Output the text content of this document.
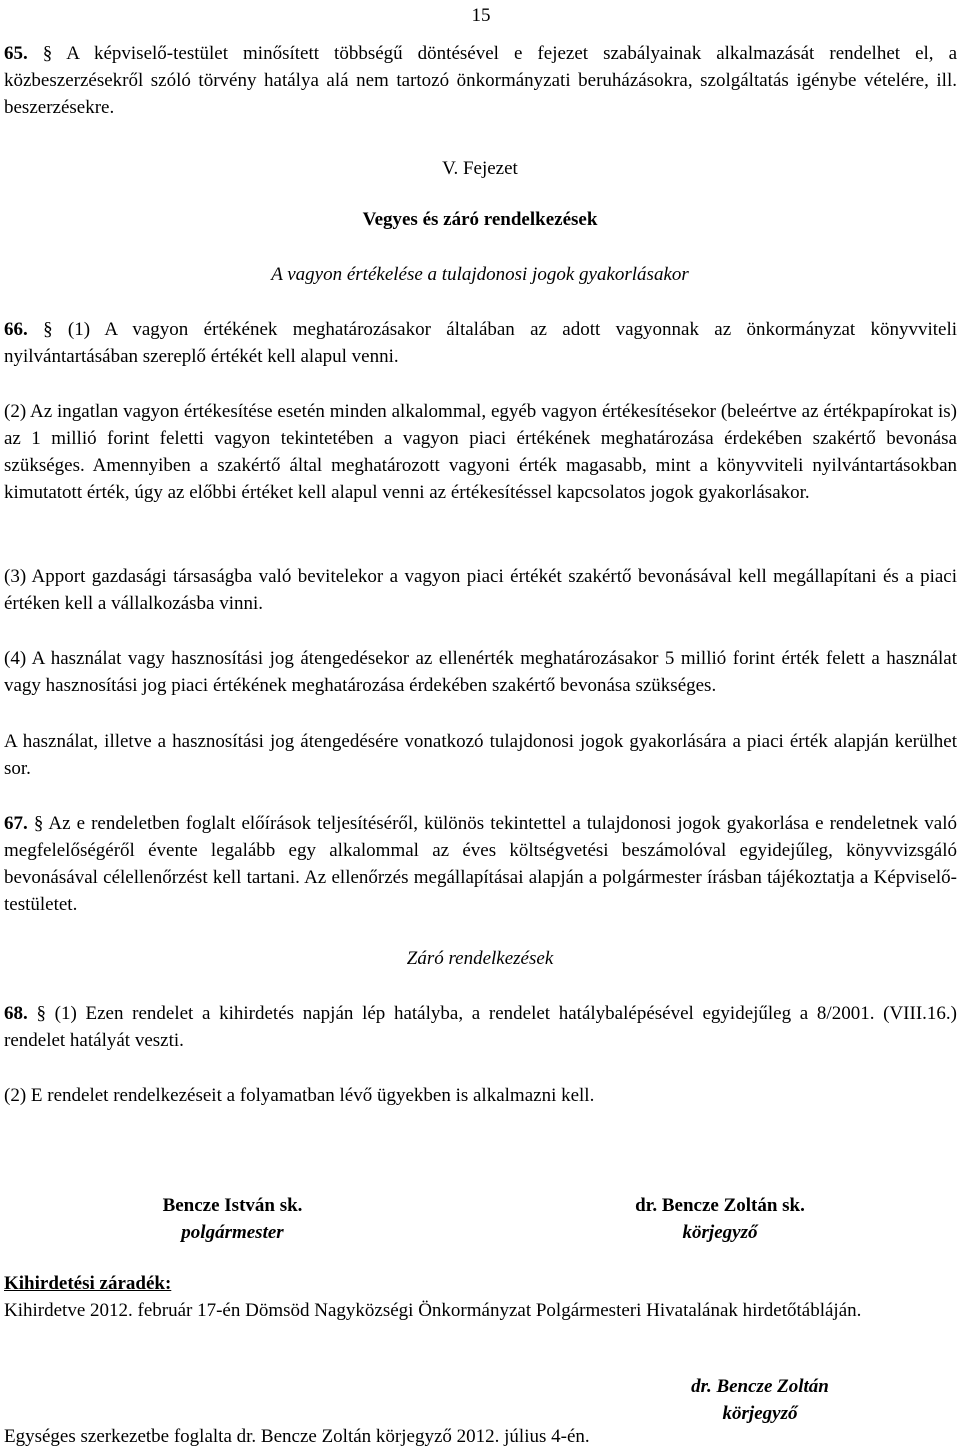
15

65. § A képviselő-testület minősített többségű döntésével e fejezet szabályainak alkalmazását rendelhet el, a közbeszerzésekről szóló törvény hatálya alá nem tartozó önkormányzati beruházásokra, szolgáltatás igénybe vételére, ill. beszerzésekre.

V. Fejezet
Vegyes és záró rendelkezések
A vagyon értékelése a tulajdonosi jogok gyakorlásakor

66. § (1) A vagyon értékének meghatározásakor általában az adott vagyonnak az önkormányzat könyvviteli nyilvántartásában szereplő értékét kell alapul venni.

(2) Az ingatlan vagyon értékesítése esetén minden alkalommal, egyéb vagyon értékesítésekor (beleértve az értékpapírokat is) az 1 millió forint feletti vagyon tekintetében a vagyon piaci értékének meghatározása érdekében szakértő bevonása szükséges. Amennyiben a szakértő által meghatározott vagyoni érték magasabb, mint a könyvviteli nyilvántartásokban kimutatott érték, úgy az előbbi értéket kell alapul venni az értékesítéssel kapcsolatos jogok gyakorlásakor.
(3) Apport gazdasági társaságba való bevitelekor a vagyon piaci értékét szakértő bevonásával kell megállapítani és a piaci értéken kell a vállalkozásba vinni.
(4) A használat vagy hasznosítási jog átengedésekor az ellenérték meghatározásakor 5 millió forint érték felett a használat vagy hasznosítási jog piaci értékének meghatározása érdekében szakértő bevonása szükséges.
A használat, illetve a hasznosítási jog átengedésére vonatkozó tulajdonosi jogok gyakorlására a piaci érték alapján kerülhet sor.

67. § Az e rendeletben foglalt előírások teljesítéséről, különös tekintettel a tulajdonosi jogok gyakorlása e rendeletnek való megfelelőségéről évente legalább egy alkalommal az éves költségvetési beszámolóval egyidejűleg, könyvvizsgáló bevonásával célellenőrzést kell tartani. Az ellenőrzés megállapításai alapján a polgármester írásban tájékoztatja a Képviselő-testületet.

Záró rendelkezések

68. § (1) Ezen rendelet a kihirdetés napján lép hatályba, a rendelet hatálybalépésével egyidejűleg a 8/2001. (VIII.16.) rendelet hatályát veszti.

(2) E rendelet rendelkezéseit a folyamatban lévő ügyekben is alkalmazni kell.
Bencze István sk.
polgármester
dr. Bencze Zoltán sk.
körjegyző
Kihirdetési záradék:
Kihirdetve 2012. február 17-én Dömsöd Nagyközségi Önkormányzat Polgármesteri Hivatalának hirdetőtábláján.
dr. Bencze Zoltán
körjegyző
Egységes szerkezetbe foglalta dr. Bencze Zoltán körjegyző 2012. július 4-én.
